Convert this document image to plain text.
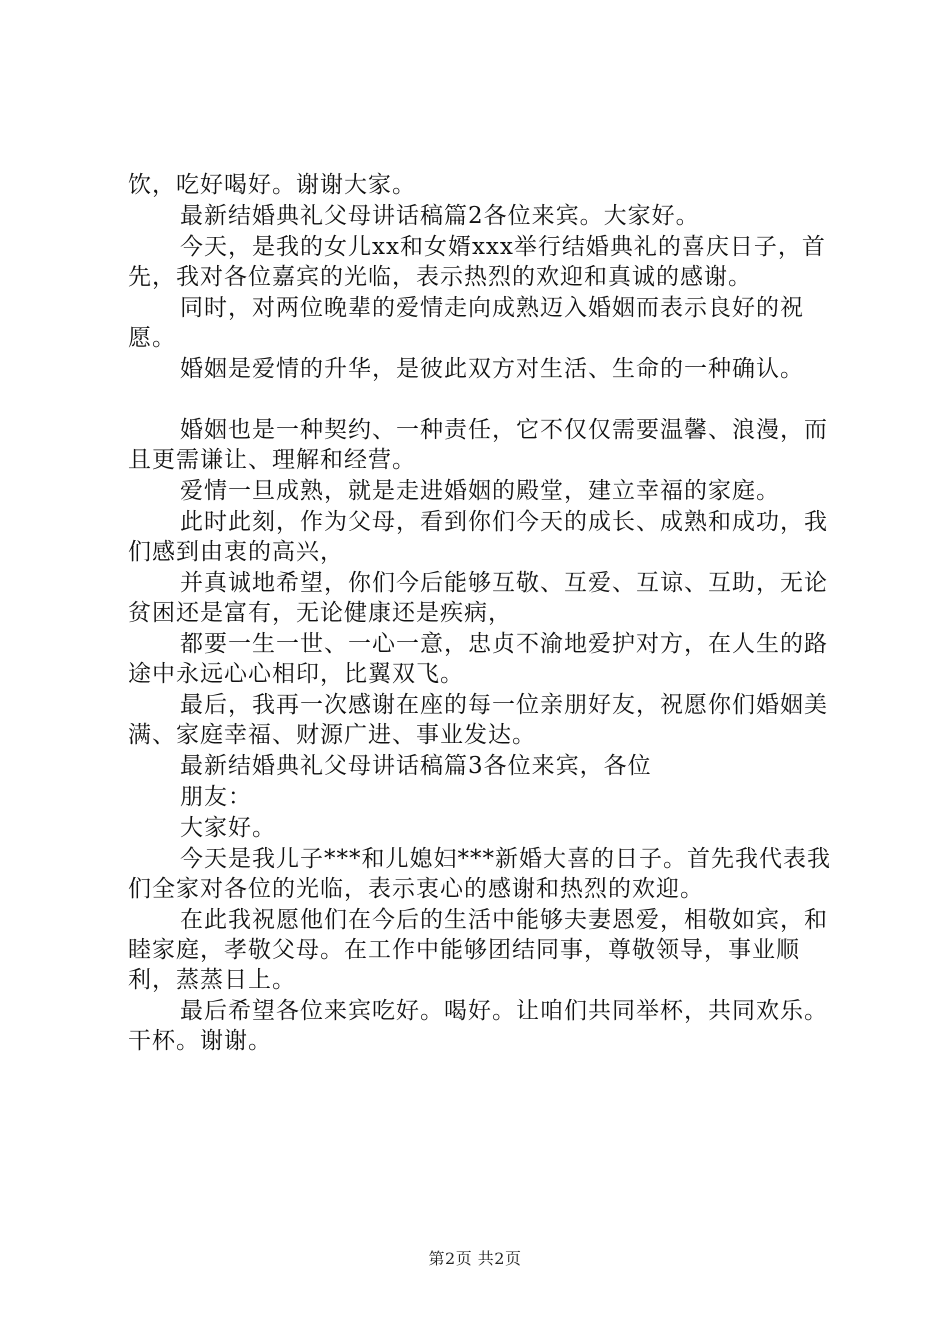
饮，吃好喝好。谢谢大家。

最新结婚典礼父母讲话稿篇2各位来宾。大家好。

今天，是我的女儿xx和女婿xxx举行结婚典礼的喜庆日子，首先，我对各位嘉宾的光临，表示热烈的欢迎和真诚的感谢。

同时，对两位晚辈的爱情走向成熟迈入婚姻而表示良好的祝愿。

婚姻是爱情的升华，是彼此双方对生活、生命的一种确认。

婚姻也是一种契约、一种责任，它不仅仅需要温馨、浪漫，而且更需谦让、理解和经营。

爱情一旦成熟，就是走进婚姻的殿堂，建立幸福的家庭。

此时此刻，作为父母，看到你们今天的成长、成熟和成功，我们感到由衷的高兴，

并真诚地希望，你们今后能够互敬、互爱、互谅、互助，无论贫困还是富有，无论健康还是疾病，

都要一生一世、一心一意，忠贞不渝地爱护对方，在人生的路途中永远心心相印，比翼双飞。

最后，我再一次感谢在座的每一位亲朋好友，祝愿你们婚姻美满、家庭幸福、财源广进、事业发达。

最新结婚典礼父母讲话稿篇3各位来宾，各位

朋友：

大家好。

今天是我儿子***和儿媳妇***新婚大喜的日子。首先我代表我们全家对各位的光临，表示衷心的感谢和热烈的欢迎。

在此我祝愿他们在今后的生活中能够夫妻恩爱，相敬如宾，和睦家庭，孝敬父母。在工作中能够团结同事，尊敬领导，事业顺利，蒸蒸日上。

最后希望各位来宾吃好。喝好。让咱们共同举杯，共同欢乐。干杯。谢谢。

第2页 共2页
